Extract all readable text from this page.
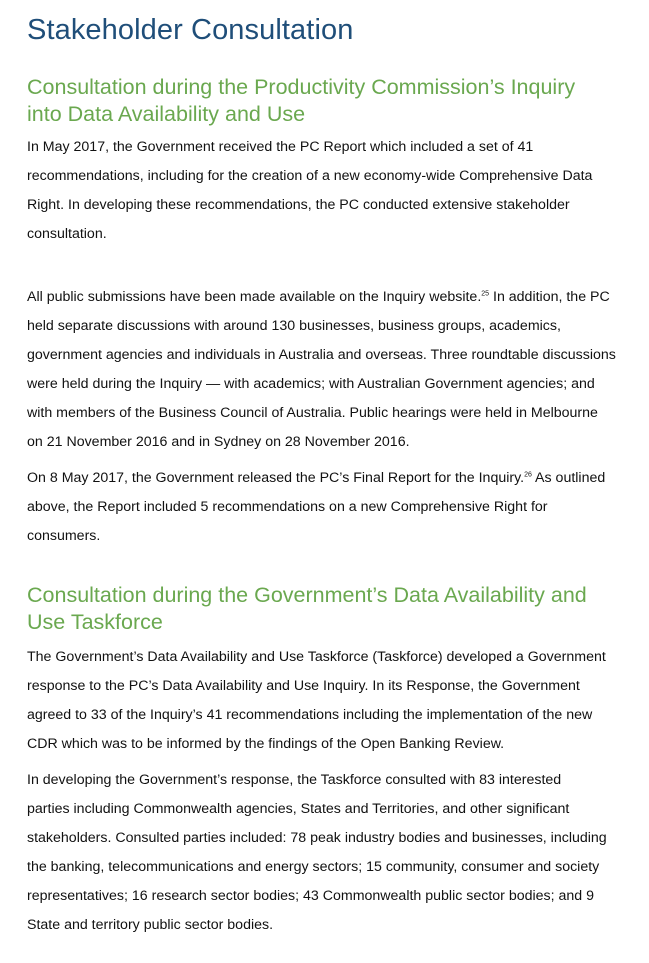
Stakeholder Consultation
Consultation during the Productivity Commission’s Inquiry
into Data Availability and Use

In May 2017, the Government received the PC Report which included a set of 41
recommendations, including for the creation of a new economy-wide Comprehensive Data
Right. In developing these recommendations, the PC conducted extensive stakeholder
consultation.

All public submissions have been made available on the Inquiry website.$^{25}$ In addition, the PC
held separate discussions with around 130 businesses, business groups, academics,
government agencies and individuals in Australia and overseas. Three roundtable discussions
were held during the Inquiry — with academics; with Australian Government agencies; and
with members of the Business Council of Australia. Public hearings were held in Melbourne
on 21 November 2016 and in Sydney on 28 November 2016.

On 8 May 2017, the Government released the PC’s Final Report for the Inquiry.$^{26}$ As outlined
above, the Report included 5 recommendations on a new Comprehensive Right for
consumers.

Consultation during the Government’s Data Availability and
Use Taskforce

The Government’s Data Availability and Use Taskforce (Taskforce) developed a Government
response to the PC’s Data Availability and Use Inquiry. In its Response, the Government
agreed to 33 of the Inquiry’s 41 recommendations including the implementation of the new
CDR which was to be informed by the findings of the Open Banking Review.

In developing the Government’s response, the Taskforce consulted with 83 interested
parties including Commonwealth agencies, States and Territories, and other significant
stakeholders. Consulted parties included: 78 peak industry bodies and businesses, including
the banking, telecommunications and energy sectors; 15 community, consumer and society
representatives; 16 research sector bodies; 43 Commonwealth public sector bodies; and 9
State and territory public sector bodies.
